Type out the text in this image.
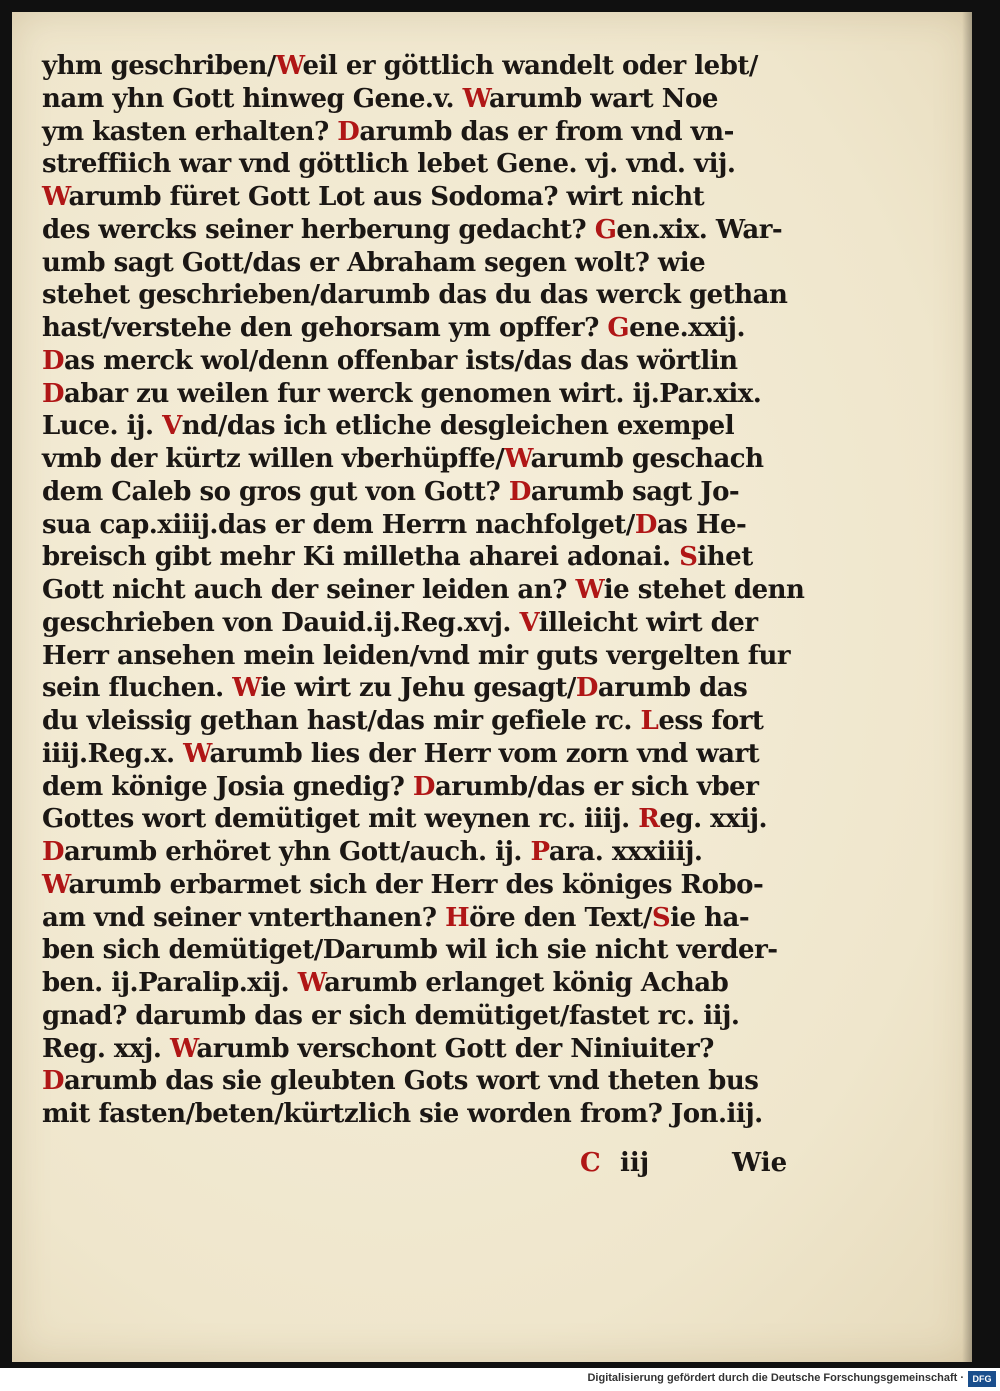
yhm geschriben/Weil er göttlich wandelt oder lebt/
nam yhn Gott hinweg Gene.v. Warumb wart Noe
ym kasten erhalten? Darumb das er from vnd vn-
streffiich war vnd göttlich lebet Gene. vj. vnd. vij.
Warumb füret Gott Lot aus Sodoma? wirt nicht
des wercks seiner herberung gedacht? Gen.xix. War-
umb sagt Gott/das er Abraham segen wolt? wie
stehet geschrieben/darumb das du das werck gethan
hast/verstehe den gehorsam ym opffer? Gene.xxij.
Das merck wol/denn offenbar ists/das das wörtlin
Dabar zu weilen fur werck genomen wirt. ij.Par.xix.
Luce. ij. Vnd/das ich etliche desgleichen exempel
vmb der kürtz willen vberhüpffe/Warumb geschach
dem Caleb so gros gut von Gott? Darumb sagt Jo-
sua cap.xiiij.das er dem Herrn nachfolget/Das He-
breisch gibt mehr Ki milletha aharei adonai. Sihet
Gott nicht auch der seiner leiden an? Wie stehet denn
geschrieben von Dauid.ij.Reg.xvj. Villeicht wirt der
Herr ansehen mein leiden/vnd mir guts vergelten fur
sein fluchen. Wie wirt zu Jehu gesagt/Darumb das
du vleissig gethan hast/das mir gefiele rc. Less fort
iiij.Reg.x. Warumb lies der Herr vom zorn vnd wart
dem könige Josia gnedig? Darumb/das er sich vber
Gottes wort demütiget mit weynen rc. iiij. Reg. xxij.
Darumb erhöret yhn Gott/auch. ij. Para. xxxiiij.
Warumb erbarmet sich der Herr des königes Robo-
am vnd seiner vnterthanen? Höre den Text/Sie ha-
ben sich demütiget/Darumb wil ich sie nicht verder-
ben. ij.Paralip.xij. Warumb erlanget könig Achab
gnad? darumb das er sich demütiget/fastet rc. iij.
Reg. xxj. Warumb verschont Gott der Niniuiter?
Darumb das sie gleubten Gots wort vnd theten bus
mit fasten/beten/kürtzlich sie worden from? Jon.iij.
C iij	Wie
Digitalisierung gefördert durch die Deutsche Forschungsgemeinschaft · DFG
